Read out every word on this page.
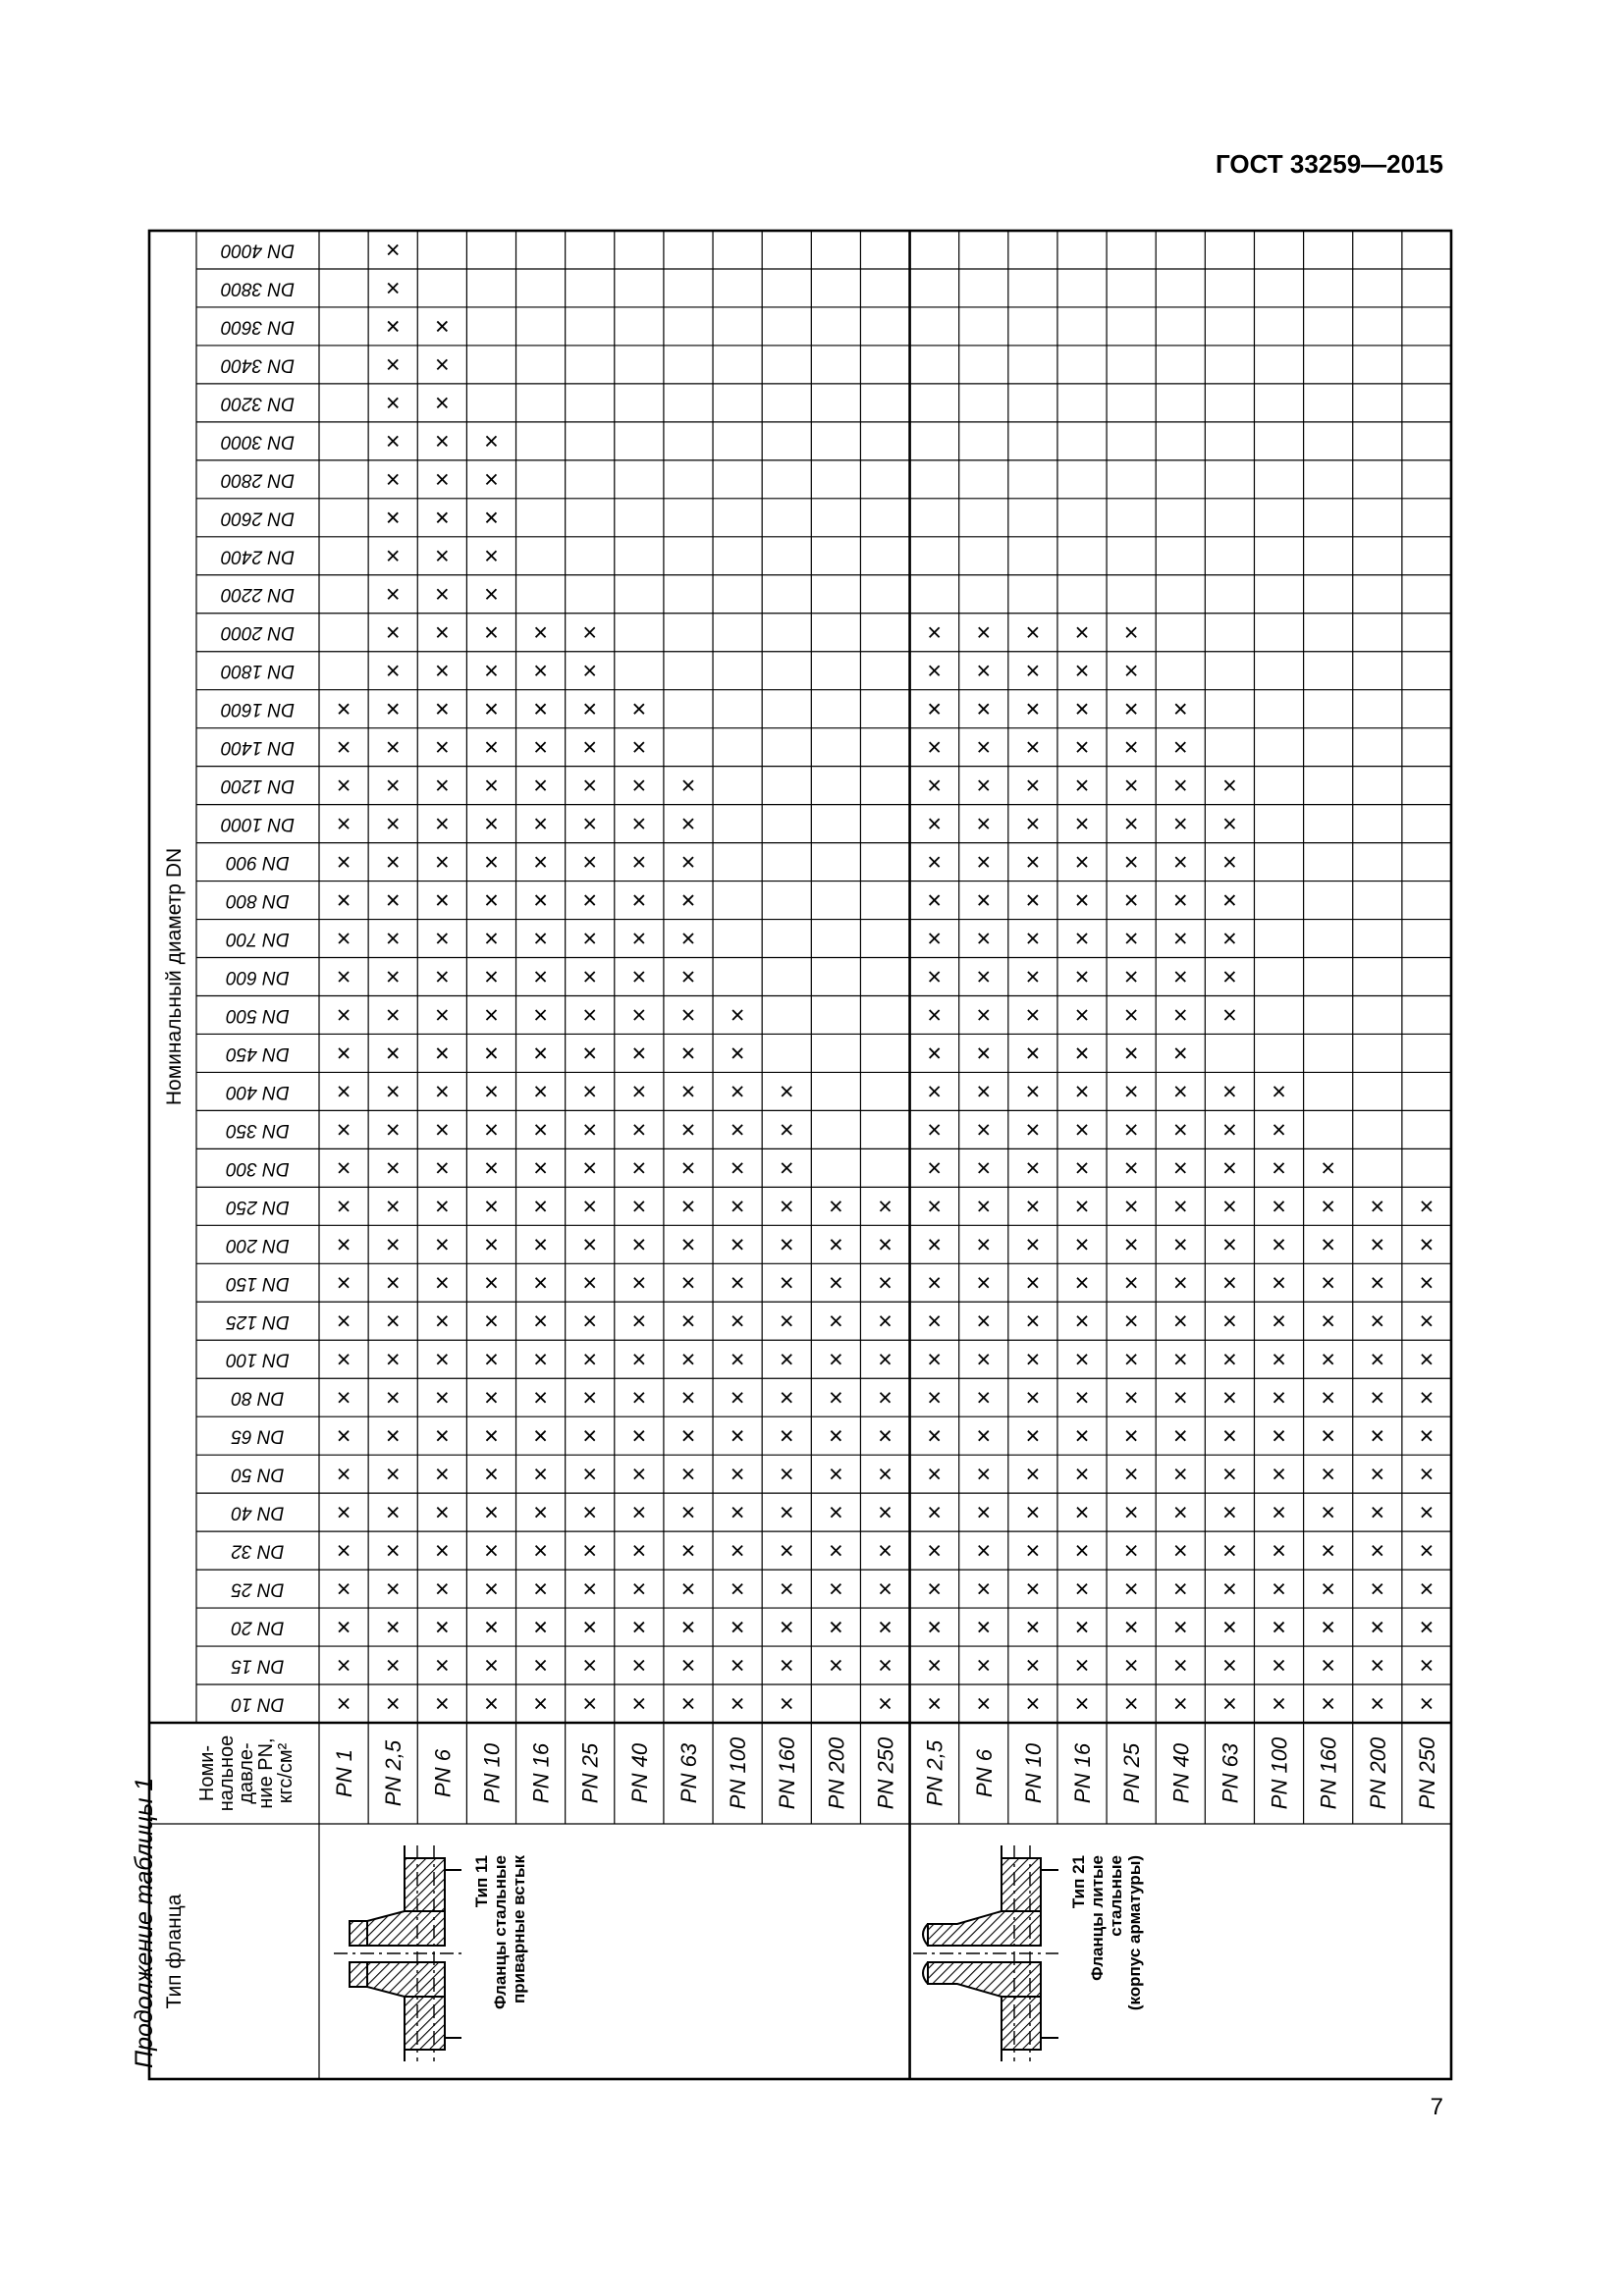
ГОСТ 33259—2015
Продолжение таблицы 1
Номинальный диаметр DN
Тип фланца
Номи-
нальное
давле-
ние PN,
кгс/см²
Тип 11 Фланцы стальные приварные встык	Тип 21 Фланцы литые стальные (корпус арматуры)
PN 1 PN 2,5 PN 6 PN 10 PN 16 PN 25 PN 40 PN 63 PN 100 PN 160 PN 200 PN 250 PN 2,5 PN 6 PN 10 PN 16 PN 25 PN 40 PN 63 PN 100 PN 160 PN 200 PN 250
DN 10
DN 15
DN 20
DN 25
DN 32
DN 40
DN 50
DN 65
DN 80
DN 100
DN 125
DN 150
DN 200
DN 250
DN 300
DN 350
DN 400
DN 450
DN 500
DN 600
DN 700
DN 800
DN 900
DN 1000
DN 1200
DN 1400
DN 1600
DN 1800
DN 2000
DN 2200
DN 2400
DN 2600
DN 2800
DN 3000
DN 3200
DN 3400
DN 3600
DN 3800
DN 4000
7
